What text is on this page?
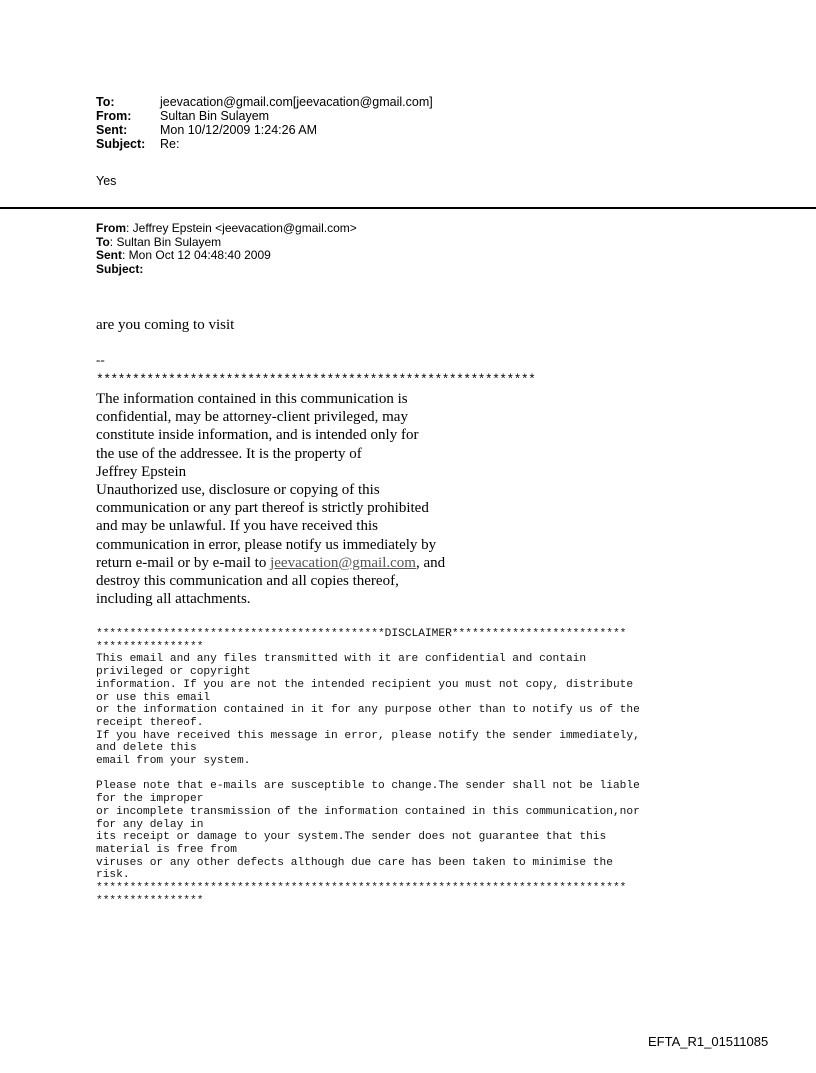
To:	jeevacation@gmail.com[jeevacation@gmail.com]
From:	Sultan Bin Sulayem
Sent:	Mon 10/12/2009 1:24:26 AM
Subject:	Re:
Yes
From: Jeffrey Epstein <jeevacation@gmail.com>
To: Sultan Bin Sulayem
Sent: Mon Oct 12 04:48:40 2009
Subject:
are you coming to visit
--
*************************************************************
The information contained in this communication is
confidential, may be attorney-client privileged, may
constitute inside information, and is intended only for
the use of the addressee. It is the property of
Jeffrey Epstein
Unauthorized use, disclosure or copying of this
communication or any part thereof is strictly prohibited
and may be unlawful. If you have received this
communication in error, please notify us immediately by
return e-mail or by e-mail to jeevacation@gmail.com, and
destroy this communication and all copies thereof,
including all attachments.
*******************************************DISCLAIMER**************************
****************
This email and any files transmitted with it are confidential and contain
privileged or copyright
information. If you are not the intended recipient you must not copy, distribute
or use this email
or the information contained in it for any purpose other than to notify us of the
receipt thereof.
If you have received this message in error, please notify the sender immediately,
and delete this
email from your system.

Please note that e-mails are susceptible to change.The sender shall not be liable
for the improper
or incomplete transmission of the information contained in this communication,nor
for any delay in
its receipt or damage to your system.The sender does not guarantee that this
material is free from
viruses or any other defects although due care has been taken to minimise the
risk.
*******************************************************************************
****************
EFTA_R1_01511085
